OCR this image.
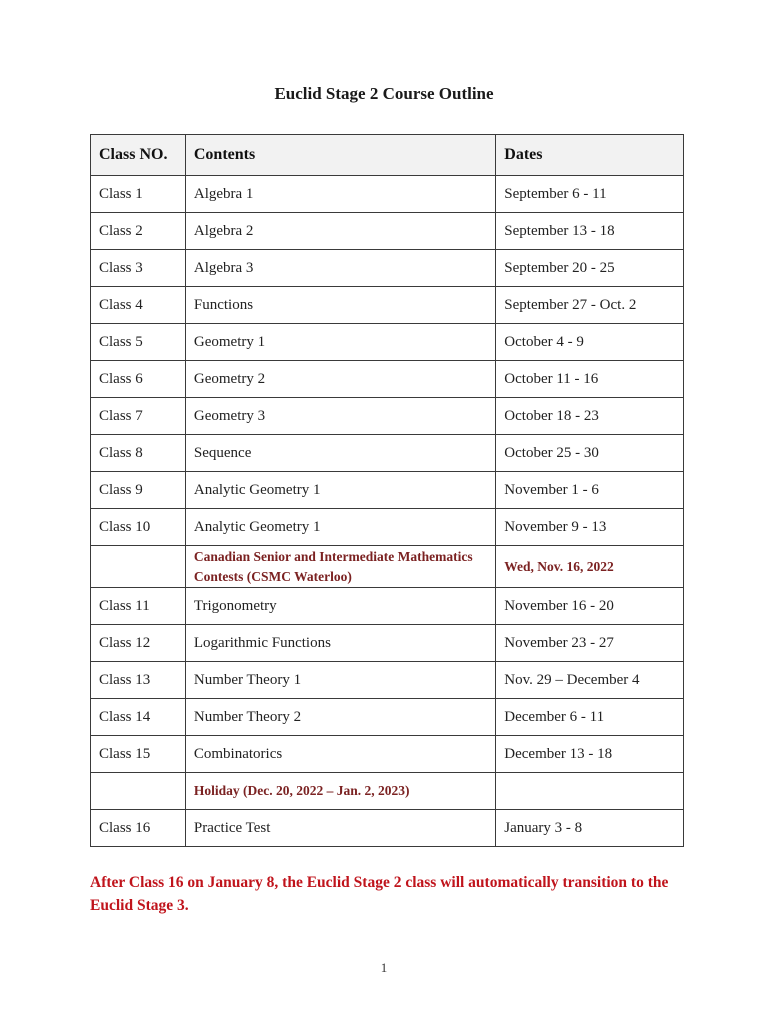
Euclid Stage 2 Course Outline
Class NO.	Contents	Dates
Class 1	Algebra 1	September 6 - 11
Class 2	Algebra 2	September 13 - 18
Class 3	Algebra 3	September 20 - 25
Class 4	Functions	September 27 - Oct. 2
Class 5	Geometry 1	October 4 - 9
Class 6	Geometry 2	October 11 - 16
Class 7	Geometry 3	October 18 - 23
Class 8	Sequence	October 25 - 30
Class 9	Analytic Geometry 1	November 1 - 6
Class 10	Analytic Geometry 1	November 9 - 13
	Canadian Senior and Intermediate Mathematics Contests (CSMC Waterloo)	Wed, Nov. 16, 2022
Class 11	Trigonometry	November 16 - 20
Class 12	Logarithmic Functions	November 23 - 27
Class 13	Number Theory 1	Nov. 29 – December 4
Class 14	Number Theory 2	December 6 - 11
Class 15	Combinatorics	December 13 - 18
	Holiday (Dec. 20, 2022 – Jan. 2, 2023)	
Class 16	Practice Test	January 3 - 8
After Class 16 on January 8, the Euclid Stage 2 class will automatically transition to the Euclid Stage 3.
1
